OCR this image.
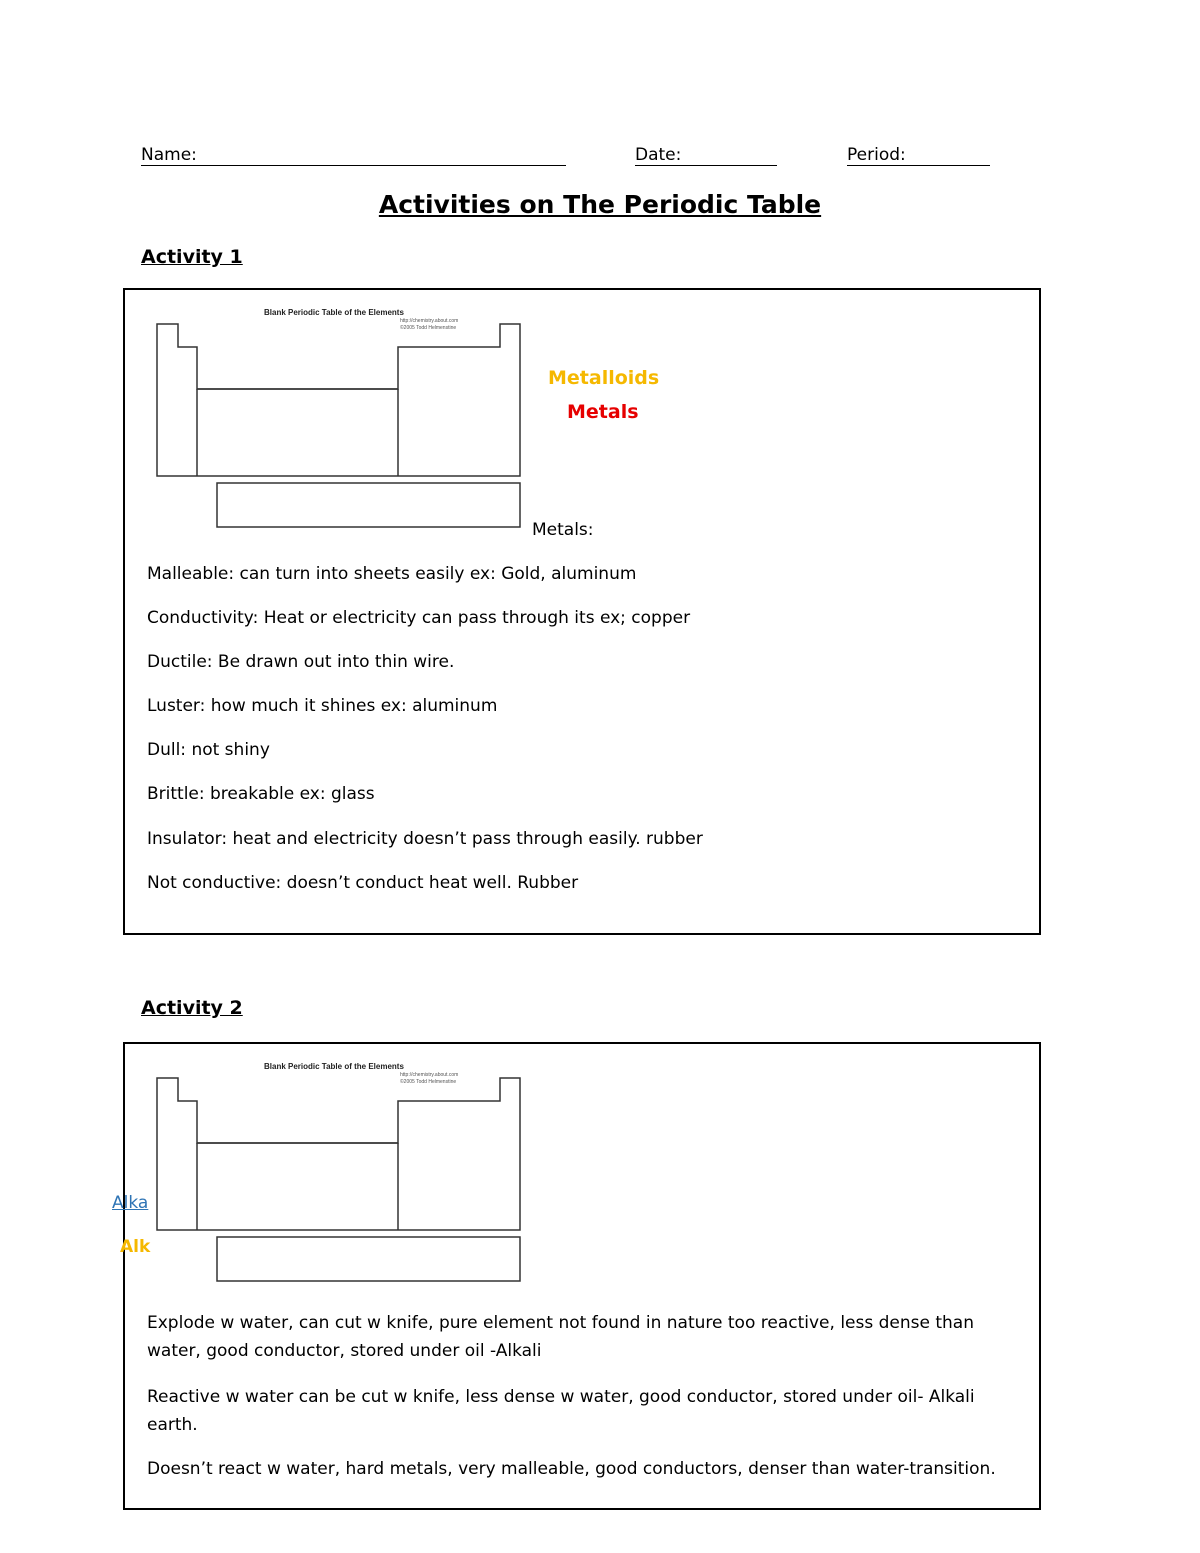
Name:	Date:	Period:
Activities on The Periodic Table
Activity 1
Blank Periodic Table of the Elements
http://chemistry.about.com
©2005 Todd Helmenstine
Metalloids
Metals
Metals:
Malleable: can turn into sheets easily ex: Gold, aluminum
Conductivity: Heat or electricity can pass through its ex; copper
Ductile: Be drawn out into thin wire.
Luster: how much it shines ex: aluminum
Dull: not shiny
Brittle: breakable ex: glass
Insulator: heat and electricity doesn’t pass through easily. rubber
Not conductive: doesn’t conduct heat well. Rubber
Activity 2
Alka
Alk
Blank Periodic Table of the Elements
http://chemistry.about.com
©2005 Todd Helmenstine
Explode w water, can cut w knife, pure element not found in nature too reactive, less dense than water, good conductor, stored under oil -Alkali
Reactive w water can be cut w knife, less dense w water, good conductor, stored under oil- Alkali earth.
Doesn’t react w water, hard metals, very malleable, good conductors, denser than water-transition.
